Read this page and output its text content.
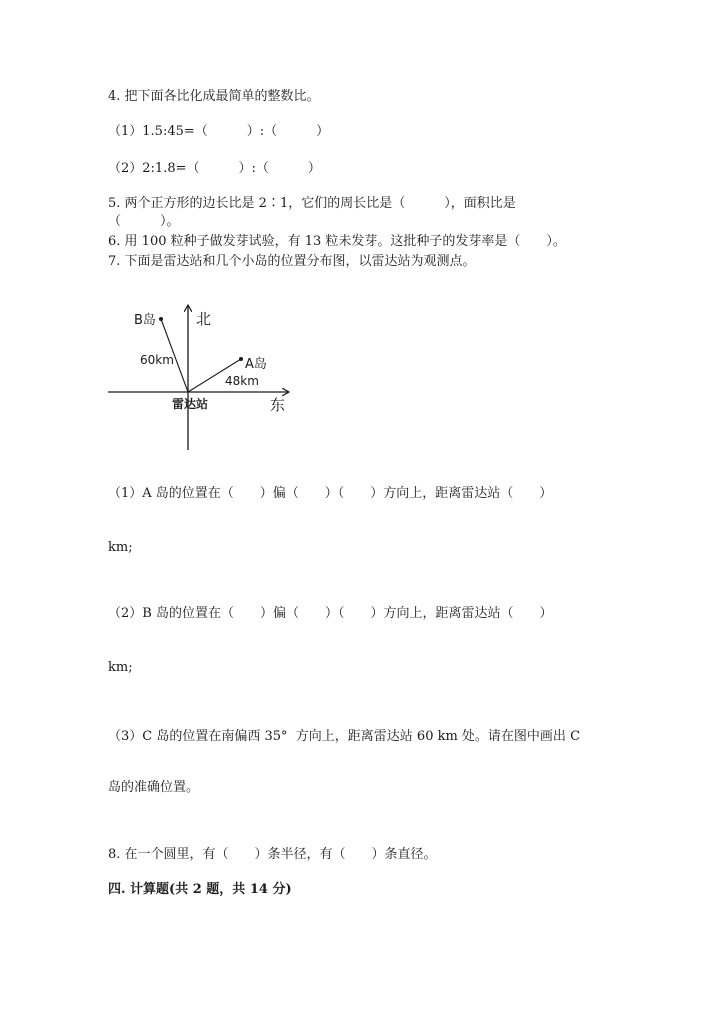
4. 把下面各比化成最简单的整数比。
（1）1.5:45=（　　　）:（　　　）
（2）2:1.8=（　　　）:（　　　）
5. 两个正方形的边长比是 2∶1，它们的周长比是（　　　），面积比是
（　　　）。
6. 用 100 粒种子做发芽试验，有 13 粒未发芽。这批种子的发芽率是（　　）。
7. 下面是雷达站和几个小岛的位置分布图，以雷达站为观测点。
北
东
B岛
A岛
60km
48km
雷达站
（1）A 岛的位置在（　　）偏（　　）（　　）方向上，距离雷达站（　　）
km;
（2）B 岛的位置在（　　）偏（　　）（　　）方向上，距离雷达站（　　）
km;
（3）C 岛的位置在南偏西 35°  方向上，距离雷达站 60 km 处。请在图中画出 C
岛的准确位置。
8. 在一个圆里，有（　　）条半径，有（　　）条直径。
四. 计算题(共 2 题，共 14 分)
